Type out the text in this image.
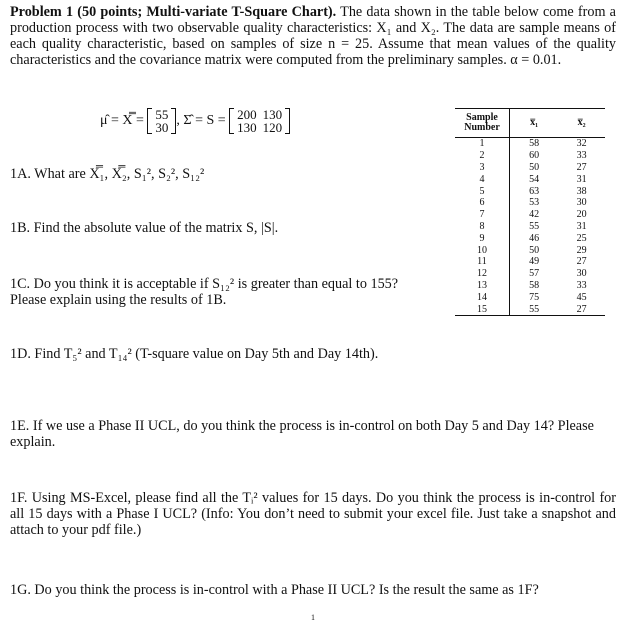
Problem 1 (50 points; Multi-variate T-Square Chart). The data shown in the table below come from a production process with two observable quality characteristics: X₁ and X₂. The data are sample means of each quality characteristic, based on samples of size n = 25. Assume that mean values of the quality characteristics and the covariance matrix were computed from the preliminary samples. α = 0.01.
μ̂ = X̿ = 55
30 , Σ̂ = S = 200	130
130	120
1A. What are X̿₁, X̿₂, S₁², S₂², S₁₂²
1B. Find the absolute value of the matrix S, |S|.
1C. Do you think it is acceptable if S₁₂² is greater than equal to 155?
Please explain using the results of 1B.
1D. Find T₅² and T₁₄² (T-square value on Day 5th and Day 14th).
Sample Number	x̅₁	x̅₂
1	58	32
2	60	33
3	50	27
4	54	31
5	63	38
6	53	30
7	42	20
8	55	31
9	46	25
10	50	29
11	49	27
12	57	30
13	58	33
14	75	45
15	55	27
1E. If we use a Phase II UCL, do you think the process is in-control on both Day 5 and Day 14? Please explain.
1F. Using MS-Excel, please find all the Tᵢ² values for 15 days. Do you think the process is in-control for all 15 days with a Phase I UCL? (Info: You don’t need to submit your excel file. Just take a snapshot and attach to your pdf file.)
1G. Do you think the process is in-control with a Phase II UCL? Is the result the same as 1F?
1
